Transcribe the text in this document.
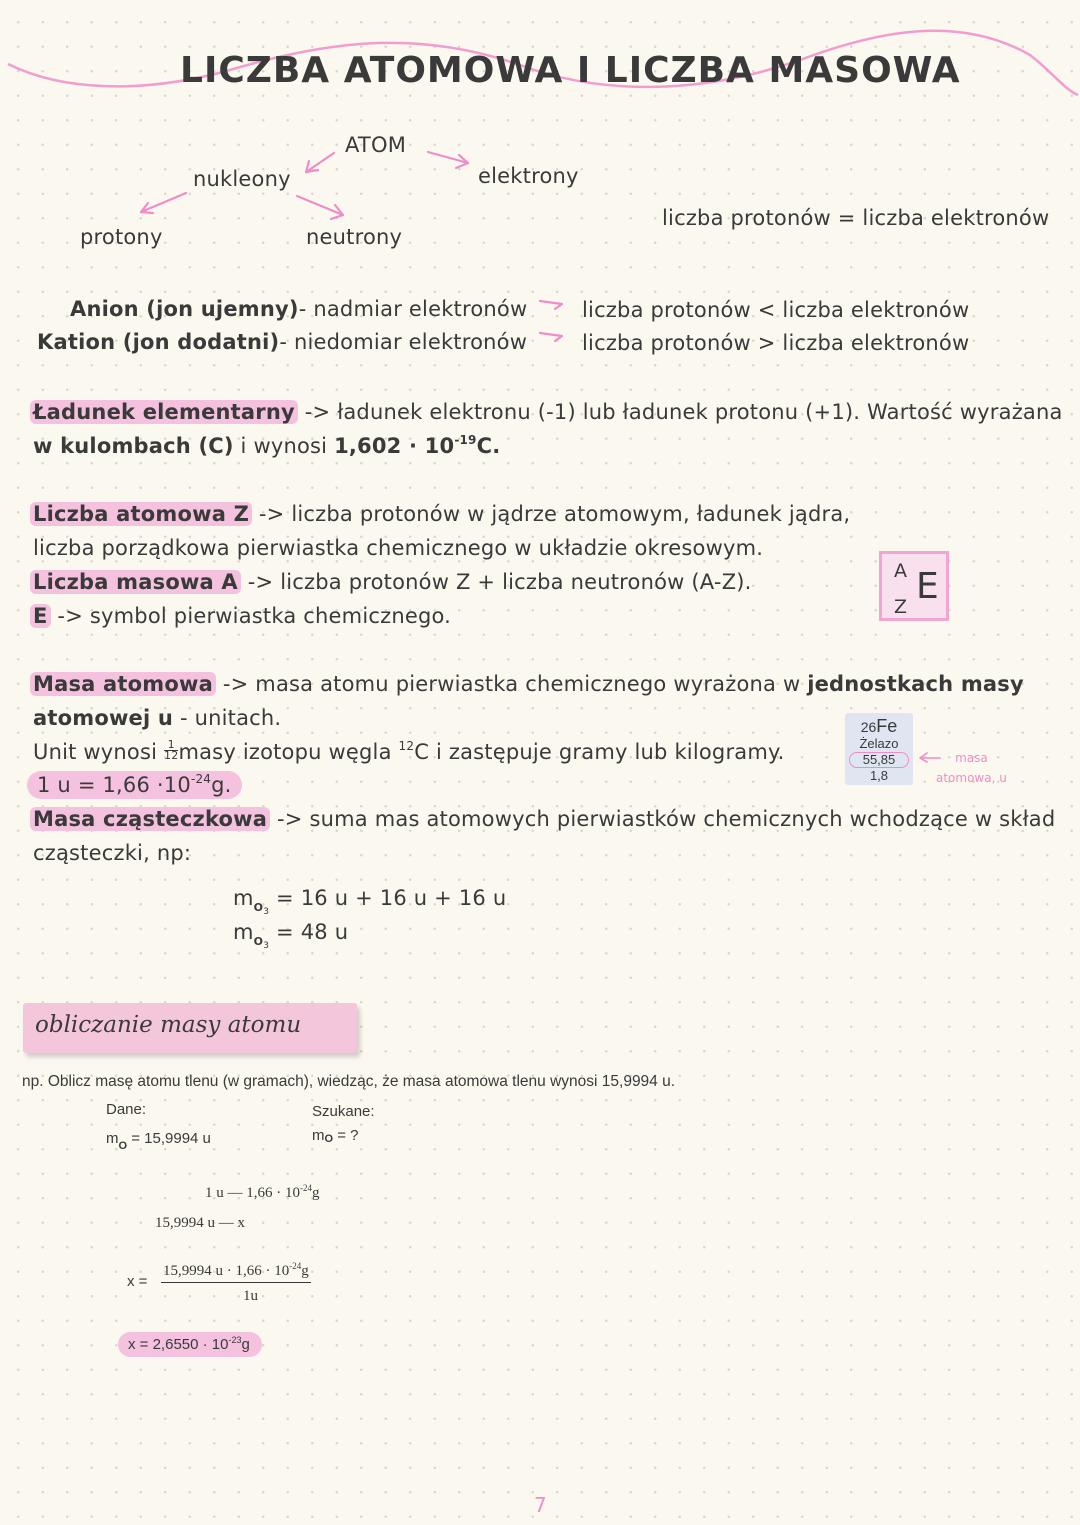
LICZBA ATOMOWA I LICZBA MASOWA
ATOM
nukleony	elektrony
protony	neutrony
liczba protonów = liczba elektronów
Anion (jon ujemny)- nadmiar elektronów	liczba protonów < liczba elektronów
Kation (jon dodatni)- niedomiar elektronów	liczba protonów > liczba elektronów
Ładunek elementarny -> ładunek elektronu (-1) lub ładunek protonu (+1). Wartość wyrażana
w kulombach (C) i wynosi $1,602 \cdot 10^{-19}C$.
Liczba atomowa Z -> liczba protonów w jądrze atomowym, ładunek jądra,
liczba porządkowa pierwiastka chemicznego w układzie okresowym.
Liczba masowa A -> liczba protonów Z + liczba neutronów (A-Z).
E -> symbol pierwiastka chemicznego.
A
Z E
Masa atomowa -> masa atomu pierwiastka chemicznego wyrażona w jednostkach masy
atomowej u - unitach.
Unit wynosi $\frac{1}{12}$ masy izotopu węgla $^{12}$C i zastępuje gramy lub kilogramy.
1 $u = 1,66 \cdot 10^{-24}g$.
26Fe
Żelazo
55,85
1,8
masa
atomowa, u
Masa cząsteczkowa -> suma mas atomowych pierwiastków chemicznych wchodzące w skład
cząsteczki, np:
$m_{O3} = 16$ u + 16 u + 16 u
$m_{O3} = 48$ u
obliczanie masy atomu
np. Oblicz masę atomu tlenu (w gramach), wiedząc, że masa atomowa tlenu wynosi 15,9994 u.
Dane:	Szukane:
$m_O = 15,9994$ u	mO = ?
1 u — $1,66 \cdot 10^{-24}g$
15,9994 u — x
x =
15,9994 $u \cdot 1,66 \cdot 10^{-24}g$
1u
$x = 2,6550 \cdot 10^{-23}g$
7
